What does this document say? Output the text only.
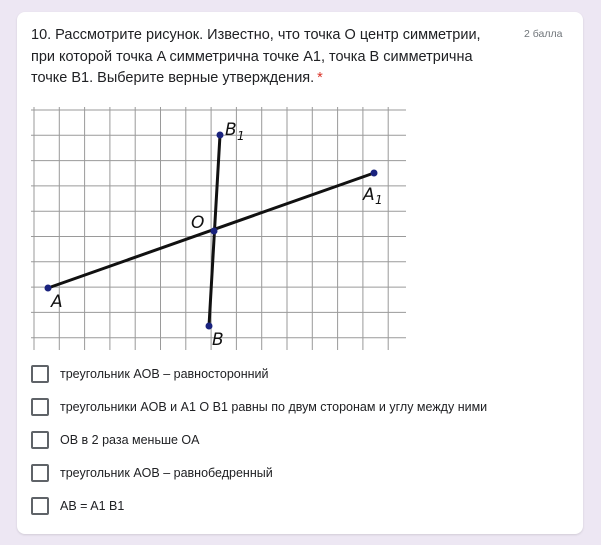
10. Рассмотрите рисунок. Известно, что точка O центр симметрии, при которой точка A симметрична точке A1, точка B симметрична точке B1. Выберите верные утверждения. *
2 балла
A
A 1
B 1
B
O
треугольник AOB – равносторонний
треугольники AOB и A1 O B1 равны по двум сторонам и углу между ними
OB в 2 раза меньше OA
треугольник AOB – равнобедренный
AB = A1 B1
